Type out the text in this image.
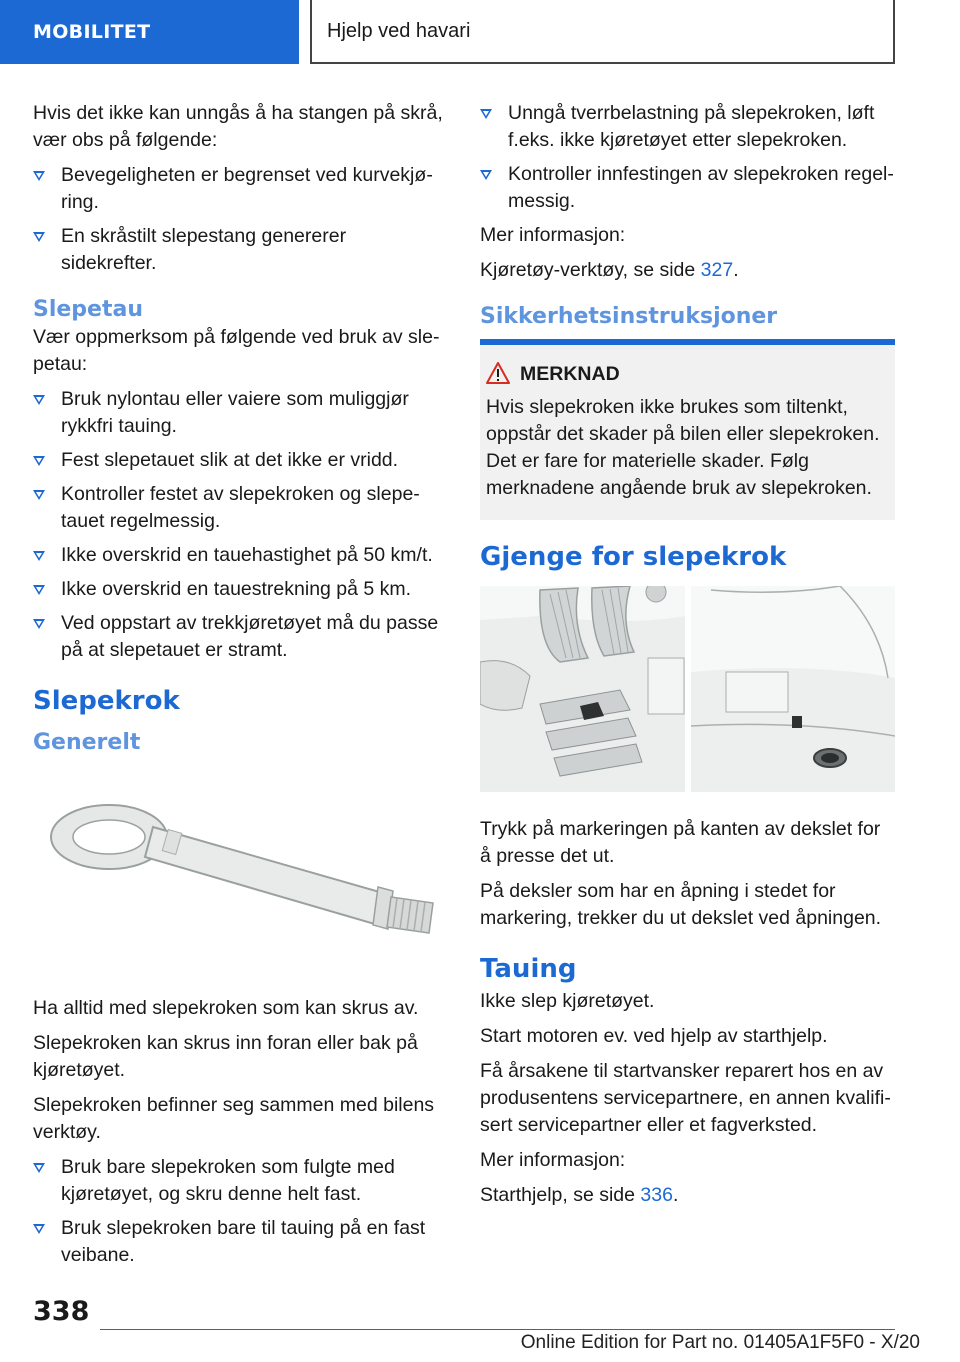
MOBILITET	Hjelp ved havari

Hvis det ikke kan unngås å ha stangen på skrå, vær obs på følgende:

Bevegeligheten er begrenset ved kurvekjøring.
En skråstilt slepestang genererer sidekrefter.
Slepetau

Vær oppmerksom på følgende ved bruk av slepetau:

Bruk nylontau eller vaiere som muliggjør rykkfri tauing.
Fest slepetauet slik at det ikke er vridd.
Kontroller festet av slepekroken og slepetauet regelmessig.
Ikke overskrid en tauehastighet på 50 km/t.
Ikke overskrid en tauestrekning på 5 km.
Ved oppstart av trekkjøretøyet må du passe på at slepetauet er stramt.
Slepekrok
Generelt

Ha alltid med slepekroken som kan skrus av.

Slepekroken kan skrus inn foran eller bak på kjøretøyet.

Slepekroken befinner seg sammen med bilens verktøy.

Bruk bare slepekroken som fulgte med kjøretøyet, og skru denne helt fast.
Bruk slepekroken bare til tauing på en fast veibane.
Unngå tverrbelastning på slepekroken, løft f.eks. ikke kjøretøyet etter slepekroken.
Kontroller innfestingen av slepekroken regelmessig.

Mer informasjon:

Kjøretøy-verktøy, se side 327.

Sikkerhetsinstruksjoner
MERKNAD

Hvis slepekroken ikke brukes som tiltenkt, oppstår det skader på bilen eller slepekroken. Det er fare for materielle skader. Følg merknadene angående bruk av slepekroken.

Gjenge for slepekrok

Trykk på markeringen på kanten av dekslet for å presse det ut.

På deksler som har en åpning i stedet for markering, trekker du ut dekslet ved åpningen.

Tauing

Ikke slep kjøretøyet.

Start motoren ev. ved hjelp av starthjelp.

Få årsakene til startvansker reparert hos en av produsentens servicepartnere, en annen kvalifisert servicepartner eller et fagverksted.

Mer informasjon:

Starthjelp, se side 336.

338
Online Edition for Part no. 01405A1F5F0 - X/20
